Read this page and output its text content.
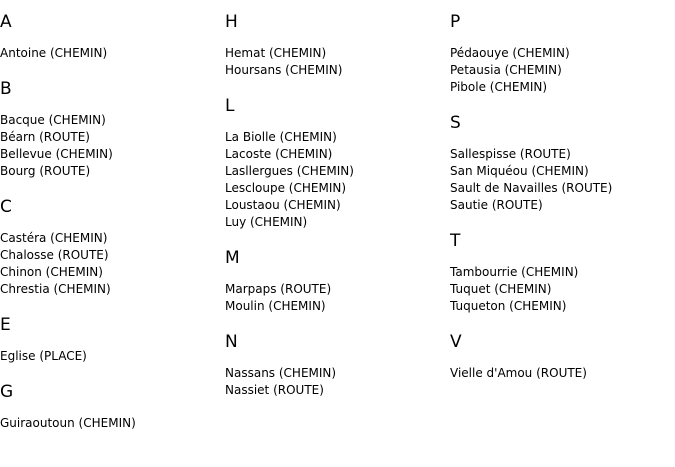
A
Antoine (CHEMIN)
B
Bacque (CHEMIN)
Béarn (ROUTE)
Bellevue (CHEMIN)
Bourg (ROUTE)
C
Castéra (CHEMIN)
Chalosse (ROUTE)
Chinon (CHEMIN)
Chrestia (CHEMIN)
E
Eglise (PLACE)
G
Guiraoutoun (CHEMIN)
H
Hemat (CHEMIN)
Hoursans (CHEMIN)
L
La Biolle (CHEMIN)
Lacoste (CHEMIN)
Lasllergues (CHEMIN)
Lescloupe (CHEMIN)
Loustaou (CHEMIN)
Luy (CHEMIN)
M
Marpaps (ROUTE)
Moulin (CHEMIN)
N
Nassans (CHEMIN)
Nassiet (ROUTE)
P
Pédaouye (CHEMIN)
Petausia (CHEMIN)
Pibole (CHEMIN)
S
Sallespisse (ROUTE)
San Miquéou (CHEMIN)
Sault de Navailles (ROUTE)
Sautie (ROUTE)
T
Tambourrie (CHEMIN)
Tuquet (CHEMIN)
Tuqueton (CHEMIN)
V
Vielle d'Amou (ROUTE)
